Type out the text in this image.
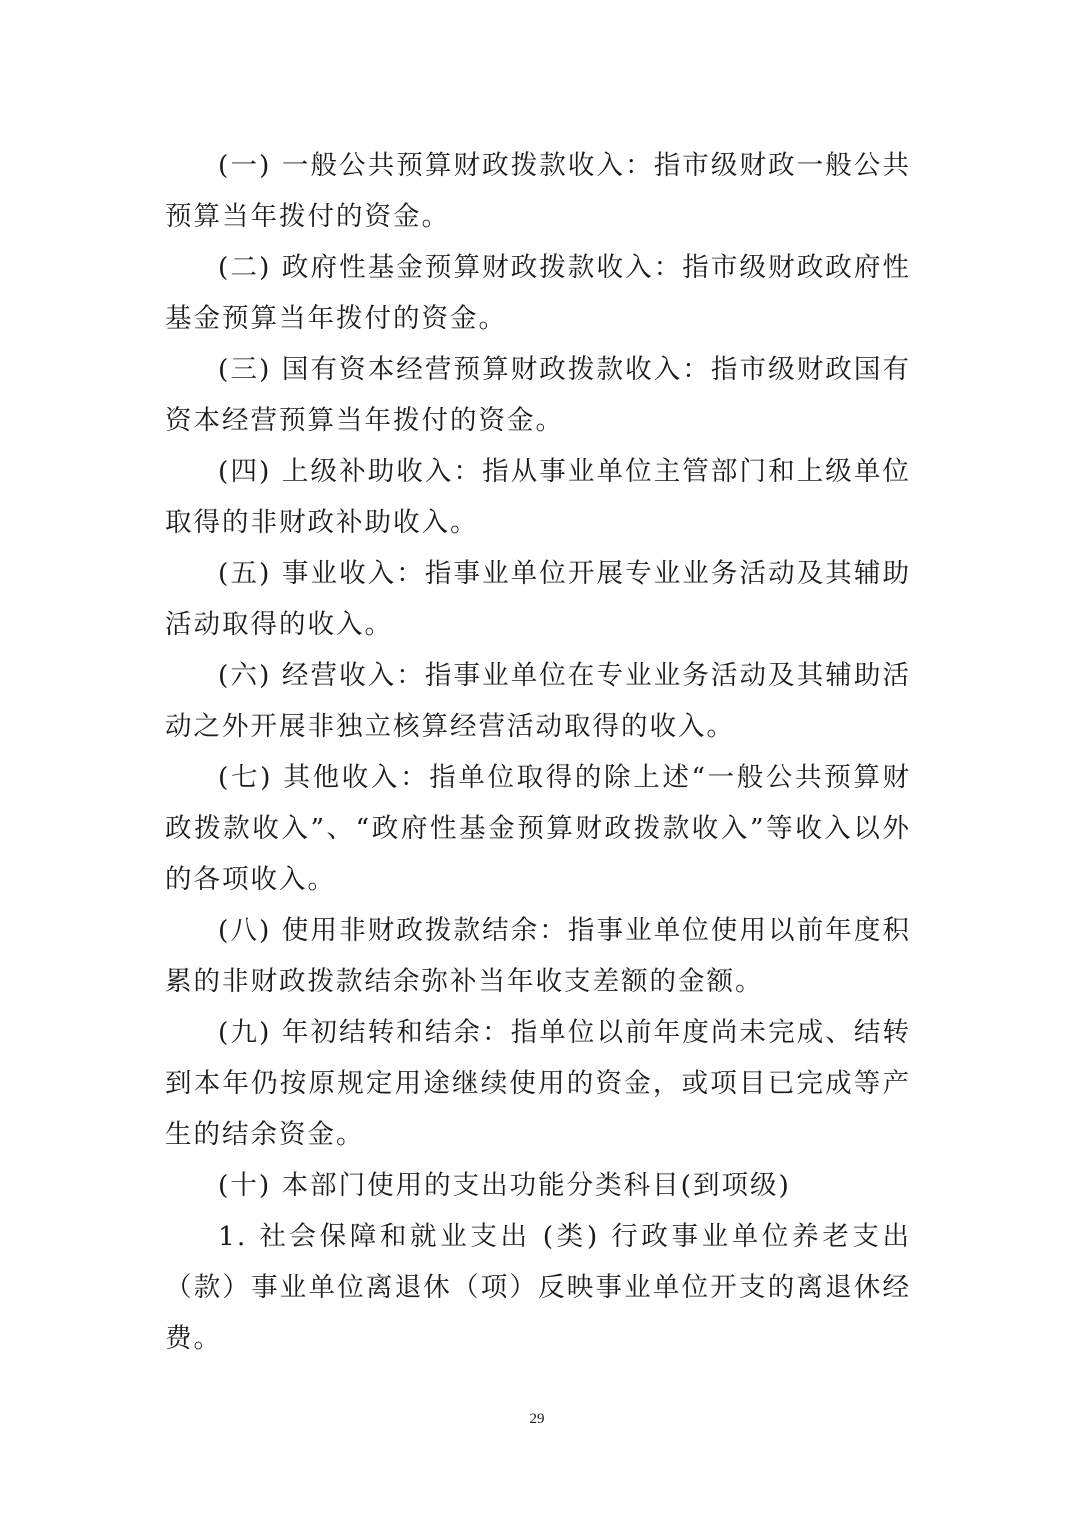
(一) 一般公共预算财政拨款收入：指市级财政一般公共预算当年拨付的资金。

(二) 政府性基金预算财政拨款收入：指市级财政政府性基金预算当年拨付的资金。

(三) 国有资本经营预算财政拨款收入：指市级财政国有资本经营预算当年拨付的资金。

(四) 上级补助收入：指从事业单位主管部门和上级单位取得的非财政补助收入。

(五) 事业收入：指事业单位开展专业业务活动及其辅助活动取得的收入。

(六) 经营收入：指事业单位在专业业务活动及其辅助活动之外开展非独立核算经营活动取得的收入。

(七) 其他收入：指单位取得的除上述“一般公共预算财政拨款收入”、“政府性基金预算财政拨款收入”等收入以外的各项收入。

(八) 使用非财政拨款结余：指事业单位使用以前年度积累的非财政拨款结余弥补当年收支差额的金额。

(九) 年初结转和结余：指单位以前年度尚未完成、结转到本年仍按原规定用途继续使用的资金，或项目已完成等产生的结余资金。

(十) 本部门使用的支出功能分类科目(到项级)

1. 社会保障和就业支出 (类) 行政事业单位养老支出（款）事业单位离退休（项）反映事业单位开支的离退休经费。

29
